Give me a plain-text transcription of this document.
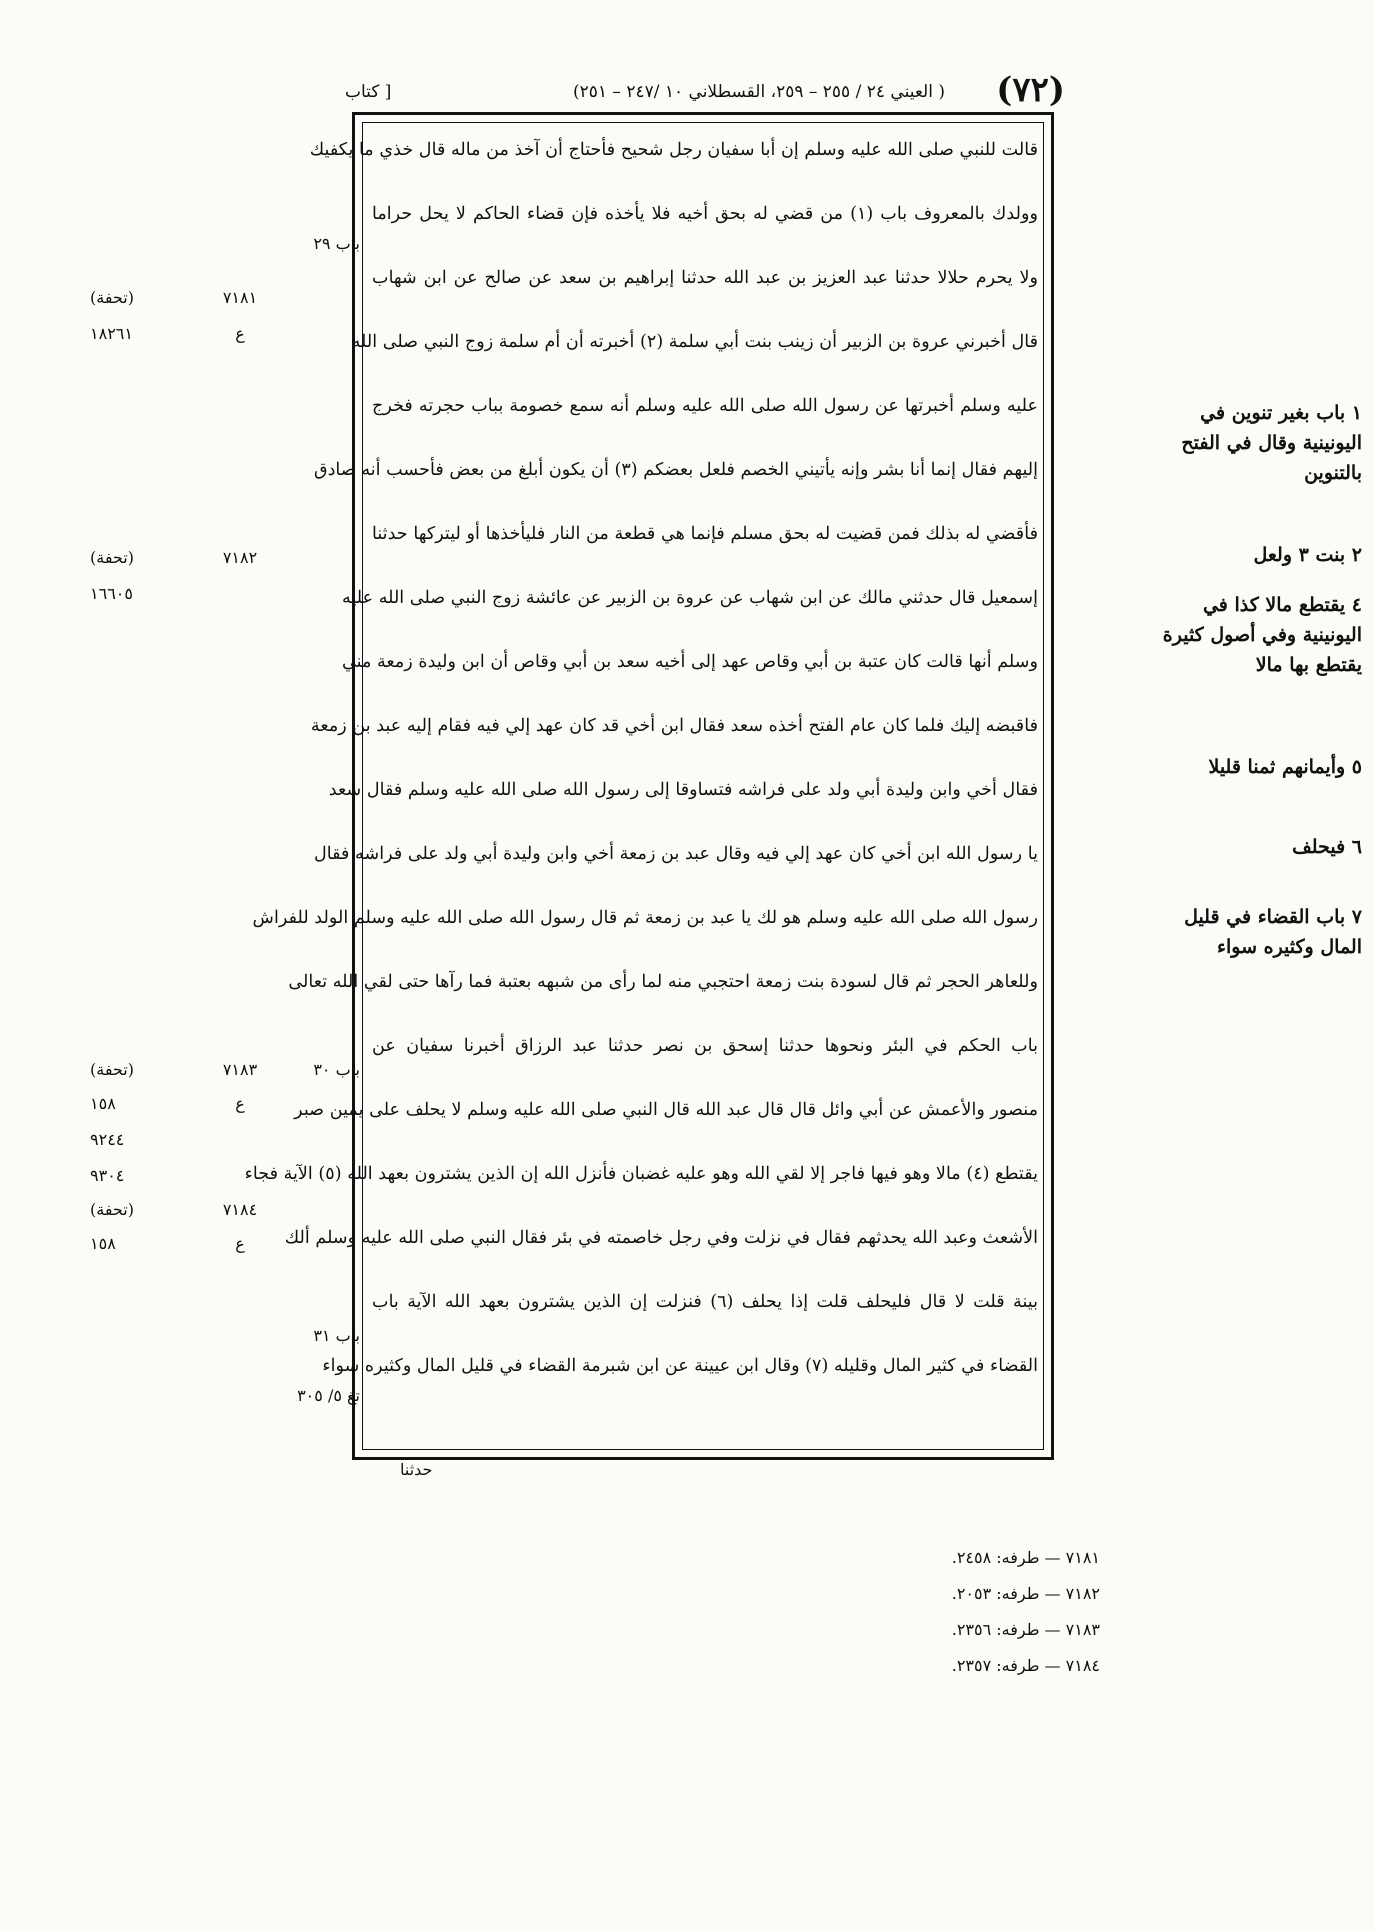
(٧٢)
( العيني ٢٤ / ٢٥٥ – ٢٥٩، القسطلاني ١٠ /٢٤٧ – ٢٥١)
[ كتاب
قالت للنبي صلى الله عليه وسلم إن أبا سفيان رجل شحيح فأحتاج أن آخذ من ماله قال خذي ما يكفيك
وولدك بالمعروف باب (١) من قضي له بحق أخيه فلا يأخذه فإن قضاء الحاكم لا يحل حراما
ولا يحرم حلالا حدثنا عبد العزيز بن عبد الله حدثنا إبراهيم بن سعد عن صالح عن ابن شهاب
قال أخبرني عروة بن الزبير أن زينب بنت أبي سلمة (٢) أخبرته أن أم سلمة زوج النبي صلى الله
عليه وسلم أخبرتها عن رسول الله صلى الله عليه وسلم أنه سمع خصومة بباب حجرته فخرج
إليهم فقال إنما أنا بشر وإنه يأتيني الخصم فلعل بعضكم (٣) أن يكون أبلغ من بعض فأحسب أنه صادق
فأقضي له بذلك فمن قضيت له بحق مسلم فإنما هي قطعة من النار فليأخذها أو ليتركها حدثنا
إسمعيل قال حدثني مالك عن ابن شهاب عن عروة بن الزبير عن عائشة زوج النبي صلى الله عليه
وسلم أنها قالت كان عتبة بن أبي وقاص عهد إلى أخيه سعد بن أبي وقاص أن ابن وليدة زمعة مني
فاقبضه إليك فلما كان عام الفتح أخذه سعد فقال ابن أخي قد كان عهد إلي فيه فقام إليه عبد بن زمعة
فقال أخي وابن وليدة أبي ولد على فراشه فتساوقا إلى رسول الله صلى الله عليه وسلم فقال سعد
يا رسول الله ابن أخي كان عهد إلي فيه وقال عبد بن زمعة أخي وابن وليدة أبي ولد على فراشه فقال
رسول الله صلى الله عليه وسلم هو لك يا عبد بن زمعة ثم قال رسول الله صلى الله عليه وسلم الولد للفراش
وللعاهر الحجر ثم قال لسودة بنت زمعة احتجبي منه لما رأى من شبهه بعتبة فما رآها حتى لقي الله تعالى
باب الحكم في البئر ونحوها حدثنا إسحق بن نصر حدثنا عبد الرزاق أخبرنا سفيان عن
منصور والأعمش عن أبي وائل قال قال عبد الله قال النبي صلى الله عليه وسلم لا يحلف على يمين صبر
يقتطع (٤) مالا وهو فيها فاجر إلا لقي الله وهو عليه غضبان فأنزل الله إن الذين يشترون بعهد الله (٥) الآية فجاء
الأشعث وعبد الله يحدثهم فقال في نزلت وفي رجل خاصمته في بئر فقال النبي صلى الله عليه وسلم ألك
بينة قلت لا قال فليحلف قلت إذا يحلف (٦) فنزلت إن الذين يشترون بعهد الله الآية باب
القضاء في كثير المال وقليله (٧) وقال ابن عيينة عن ابن شبرمة القضاء في قليل المال وكثيره سواء
باب ٢٩
٧١٨١
(تحفة)
ع
١٨٢٦١
٧١٨٢
(تحفة)
١٦٦٠٥
باب ٣٠
٧١٨٣
(تحفة)
ع
١٥٨
٩٢٤٤
٩٣٠٤
٧١٨٤
(تحفة)
ع
١٥٨
باب ٣١
تغ ٥/ ٣٠٥
١ باب بغير تنوين في اليونينية وقال في الفتح بالتنوين
٢ بنت ٣ ولعل
٤ يقتطع مالا كذا في اليونينية وفي أصول كثيرة يقتطع بها مالا
٥ وأيمانهم ثمنا قليلا
٦ فيحلف
٧ باب القضاء في قليل المال وكثيره سواء
حدثنا
٧١٨١ — طرفه: ٢٤٥٨.
٧١٨٢ — طرفه: ٢٠٥٣.
٧١٨٣ — طرفه: ٢٣٥٦.
٧١٨٤ — طرفه: ٢٣٥٧.
